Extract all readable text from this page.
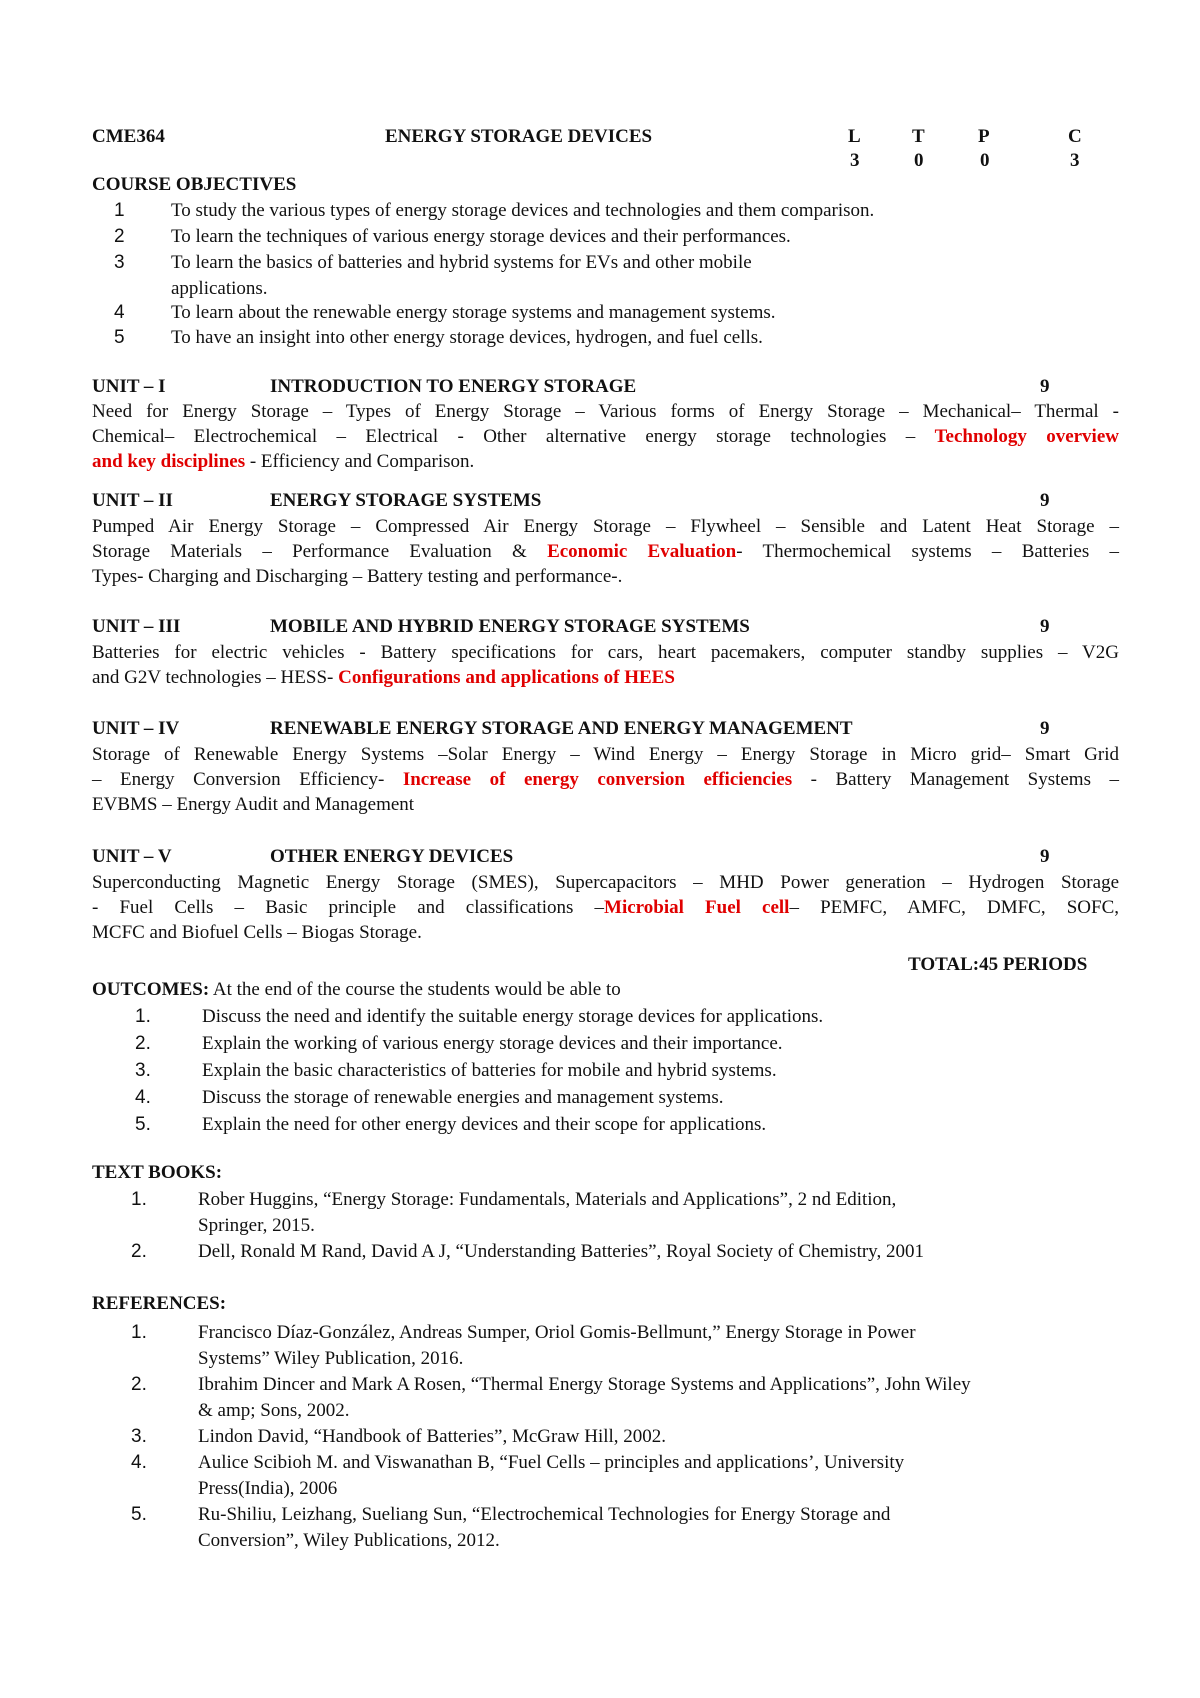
CME364	ENERGY STORAGE DEVICES	L	T	P	C
3	0	0	3
COURSE OBJECTIVES
1 To study the various types of energy storage devices and technologies and them comparison.
2 To learn the techniques of various energy storage devices and their performances.
3 To learn the basics of batteries and hybrid systems for EVs and other mobile
applications.
4 To learn about the renewable energy storage systems and management systems.
5 To have an insight into other energy storage devices, hydrogen, and fuel cells.
UNIT – I	INTRODUCTION TO ENERGY STORAGE	9
Need for Energy Storage – Types of Energy Storage – Various forms of Energy Storage – Mechanical– Thermal -
Chemical– Electrochemical – Electrical - Other alternative energy storage technologies – Technology overview
and key disciplines - Efficiency and Comparison.
UNIT – II	ENERGY STORAGE SYSTEMS	9
Pumped Air Energy Storage – Compressed Air Energy Storage – Flywheel – Sensible and Latent Heat Storage –
Storage Materials – Performance Evaluation & Economic Evaluation- Thermochemical systems – Batteries –
Types- Charging and Discharging – Battery testing and performance-.
UNIT – III	MOBILE AND HYBRID ENERGY STORAGE SYSTEMS	9
Batteries for electric vehicles - Battery specifications for cars, heart pacemakers, computer standby supplies – V2G
and G2V technologies – HESS- Configurations and applications of HEES
UNIT – IV	RENEWABLE ENERGY STORAGE AND ENERGY MANAGEMENT	9
Storage of Renewable Energy Systems –Solar Energy – Wind Energy – Energy Storage in Micro grid– Smart Grid
– Energy Conversion Efficiency- Increase of energy conversion efficiencies - Battery Management Systems –
EVBMS – Energy Audit and Management
UNIT – V	OTHER ENERGY DEVICES	9
Superconducting Magnetic Energy Storage (SMES), Supercapacitors – MHD Power generation – Hydrogen Storage
- Fuel Cells – Basic principle and classifications –Microbial Fuel cell– PEMFC, AMFC, DMFC, SOFC,
MCFC and Biofuel Cells – Biogas Storage.
TOTAL:45 PERIODS
OUTCOMES: At the end of the course the students would be able to
1.	Discuss the need and identify the suitable energy storage devices for applications.
2.	Explain the working of various energy storage devices and their importance.
3.	Explain the basic characteristics of batteries for mobile and hybrid systems.
4.	Discuss the storage of renewable energies and management systems.
5.	Explain the need for other energy devices and their scope for applications.
TEXT BOOKS:
1.	Rober Huggins, “Energy Storage: Fundamentals, Materials and Applications”, 2 nd Edition,
Springer, 2015.
2.	Dell, Ronald M Rand, David A J, “Understanding Batteries”, Royal Society of Chemistry, 2001
REFERENCES:
1.	Francisco Díaz-González, Andreas Sumper, Oriol Gomis-Bellmunt,” Energy Storage in Power
Systems” Wiley Publication, 2016.
2.	Ibrahim Dincer and Mark A Rosen, “Thermal Energy Storage Systems and Applications”, John Wiley
& amp; Sons, 2002.
3.	Lindon David, “Handbook of Batteries”, McGraw Hill, 2002.
4.	Aulice Scibioh M. and Viswanathan B, “Fuel Cells – principles and applications’, University
Press(India), 2006
5.	Ru-Shiliu, Leizhang, Sueliang Sun, “Electrochemical Technologies for Energy Storage and
Conversion”, Wiley Publications, 2012.
